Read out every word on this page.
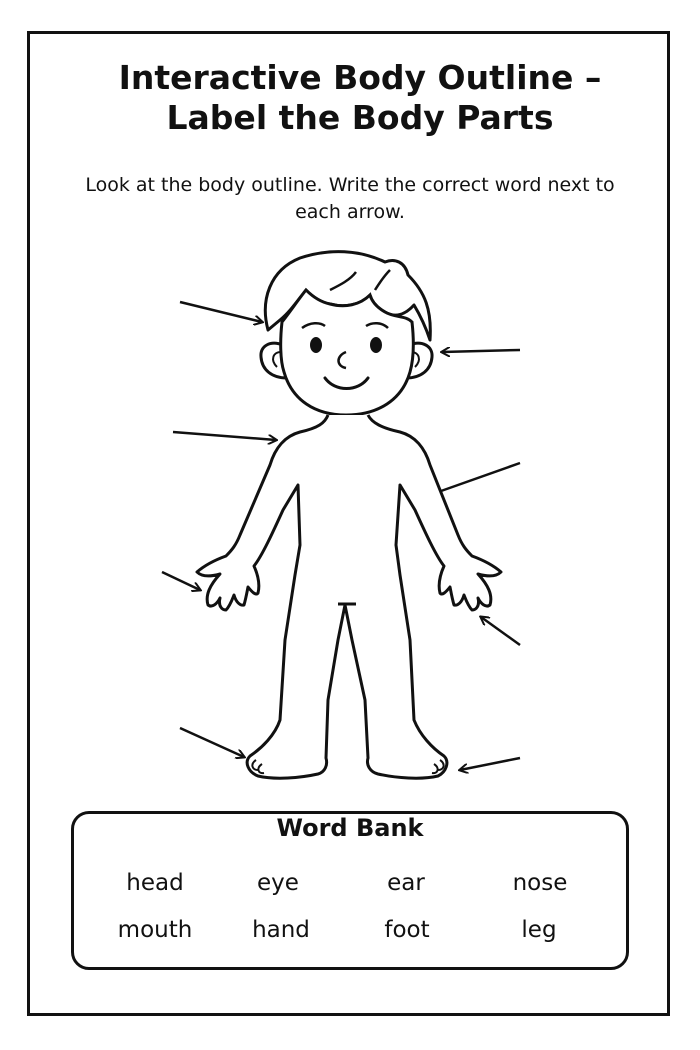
Interactive Body Outline –
Label the Body Parts
Look at the body outline. Write the correct word next to each arrow.
Word Bank
head	eye	ear	nose
mouth	hand	foot	leg
